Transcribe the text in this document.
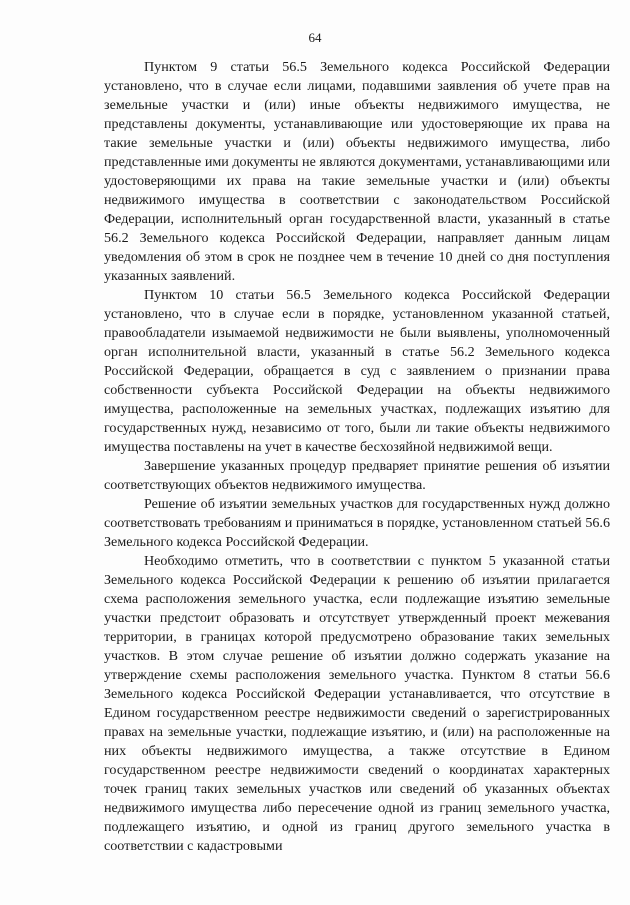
64

Пунктом 9 статьи 56.5 Земельного кодекса Российской Федерации установлено, что в случае если лицами, подавшими заявления об учете прав на земельные участки и (или) иные объекты недвижимого имущества, не представлены документы, устанавливающие или удостоверяющие их права на такие земельные участки и (или) объекты недвижимого имущества, либо представленные ими документы не являются документами, устанавливающими или удостоверяющими их права на такие земельные участки и (или) объекты недвижимого имущества в соответствии с законодательством Российской Федерации, исполнительный орган государственной власти, указанный в статье 56.2 Земельного кодекса Российской Федерации, направляет данным лицам уведомления об этом в срок не позднее чем в течение 10 дней со дня поступления указанных заявлений.

Пунктом 10 статьи 56.5 Земельного кодекса Российской Федерации установлено, что в случае если в порядке, установленном указанной статьей, правообладатели изымаемой недвижимости не были выявлены, уполномоченный орган исполнительной власти, указанный в статье 56.2 Земельного кодекса Российской Федерации, обращается в суд с заявлением о признании права собственности субъекта Российской Федерации на объекты недвижимого имущества, расположенные на земельных участках, подлежащих изъятию для государственных нужд, независимо от того, были ли такие объекты недвижимого имущества поставлены на учет в качестве бесхозяйной недвижимой вещи.

Завершение указанных процедур предваряет принятие решения об изъятии соответствующих объектов недвижимого имущества.

Решение об изъятии земельных участков для государственных нужд должно соответствовать требованиям и приниматься в порядке, установленном статьей 56.6 Земельного кодекса Российской Федерации.

Необходимо отметить, что в соответствии с пунктом 5 указанной статьи Земельного кодекса Российской Федерации к решению об изъятии прилагается схема расположения земельного участка, если подлежащие изъятию земельные участки предстоит образовать и отсутствует утвержденный проект межевания территории, в границах которой предусмотрено образование таких земельных участков. В этом случае решение об изъятии должно содержать указание на утверждение схемы расположения земельного участка. Пунктом 8 статьи 56.6 Земельного кодекса Российской Федерации устанавливается, что отсутствие в Едином государственном реестре недвижимости сведений о зарегистрированных правах на земельные участки, подлежащие изъятию, и (или) на расположенные на них объекты недвижимого имущества, а также отсутствие в Едином государственном реестре недвижимости сведений о координатах характерных точек границ таких земельных участков или сведений об указанных объектах недвижимого имущества либо пересечение одной из границ земельного участка, подлежащего изъятию, и одной из границ другого земельного участка в соответствии с кадастровыми
